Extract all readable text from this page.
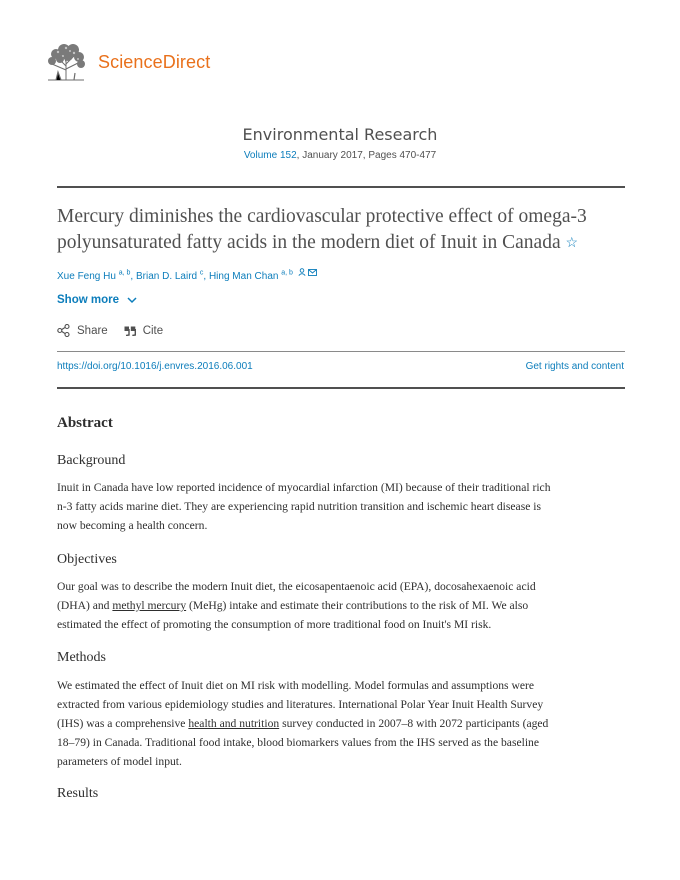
ScienceDirect
Environmental Research
Volume 152, January 2017, Pages 470-477
Mercury diminishes the cardiovascular protective effect of omega-3 polyunsaturated fatty acids in the modern diet of Inuit in Canada ☆
Xue Feng Hu $^{a, b}$, Brian D. Laird $^c$, Hing Man Chan $^{a, b}$
Show more
Share	Cite
https://doi.org/10.1016/j.envres.2016.06.001	Get rights and content
Abstract
Background

Inuit in Canada have low reported incidence of myocardial infarction (MI) because of their traditional rich
n-3 fatty acids marine diet. They are experiencing rapid nutrition transition and ischemic heart disease is
now becoming a health concern.

Objectives

Our goal was to describe the modern Inuit diet, the eicosapentaenoic acid (EPA), docosahexaenoic acid
(DHA) and methyl mercury (MeHg) intake and estimate their contributions to the risk of MI. We also
estimated the effect of promoting the consumption of more traditional food on Inuit's MI risk.

Methods

We estimated the effect of Inuit diet on MI risk with modelling. Model formulas and assumptions were
extracted from various epidemiology studies and literatures. International Polar Year Inuit Health Survey
(IHS) was a comprehensive health and nutrition survey conducted in 2007–8 with 2072 participants (aged
18–79) in Canada. Traditional food intake, blood biomarkers values from the IHS served as the baseline
parameters of model input.

Results
